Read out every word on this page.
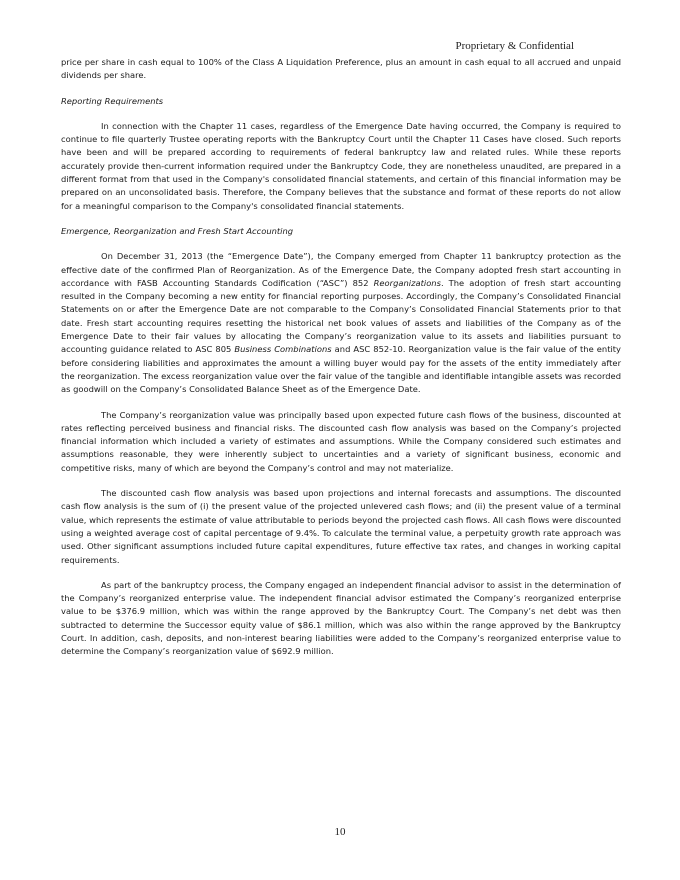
Proprietary & Confidential

price per share in cash equal to 100% of the Class A Liquidation Preference, plus an amount in cash equal to all accrued and unpaid dividends per share.

Reporting Requirements

In connection with the Chapter 11 cases, regardless of the Emergence Date having occurred, the Company is required to continue to file quarterly Trustee operating reports with the Bankruptcy Court until the Chapter 11 Cases have closed. Such reports have been and will be prepared according to requirements of federal bankruptcy law and related rules. While these reports accurately provide then-current information required under the Bankruptcy Code, they are nonetheless unaudited, are prepared in a different format from that used in the Company's consolidated financial statements, and certain of this financial information may be prepared on an unconsolidated basis. Therefore, the Company believes that the substance and format of these reports do not allow for a meaningful comparison to the Company's consolidated financial statements.

Emergence, Reorganization and Fresh Start Accounting

On December 31, 2013 (the “Emergence Date”), the Company emerged from Chapter 11 bankruptcy protection as the effective date of the confirmed Plan of Reorganization. As of the Emergence Date, the Company adopted fresh start accounting in accordance with FASB Accounting Standards Codification (“ASC”) 852 Reorganizations. The adoption of fresh start accounting resulted in the Company becoming a new entity for financial reporting purposes. Accordingly, the Company’s Consolidated Financial Statements on or after the Emergence Date are not comparable to the Company’s Consolidated Financial Statements prior to that date. Fresh start accounting requires resetting the historical net book values of assets and liabilities of the Company as of the Emergence Date to their fair values by allocating the Company’s reorganization value to its assets and liabilities pursuant to accounting guidance related to ASC 805 Business Combinations and ASC 852-10. Reorganization value is the fair value of the entity before considering liabilities and approximates the amount a willing buyer would pay for the assets of the entity immediately after the reorganization. The excess reorganization value over the fair value of the tangible and identifiable intangible assets was recorded as goodwill on the Company’s Consolidated Balance Sheet as of the Emergence Date.

The Company’s reorganization value was principally based upon expected future cash flows of the business, discounted at rates reflecting perceived business and financial risks. The discounted cash flow analysis was based on the Company’s projected financial information which included a variety of estimates and assumptions. While the Company considered such estimates and assumptions reasonable, they were inherently subject to uncertainties and a variety of significant business, economic and competitive risks, many of which are beyond the Company’s control and may not materialize.

The discounted cash flow analysis was based upon projections and internal forecasts and assumptions. The discounted cash flow analysis is the sum of (i) the present value of the projected unlevered cash flows; and (ii) the present value of a terminal value, which represents the estimate of value attributable to periods beyond the projected cash flows. All cash flows were discounted using a weighted average cost of capital percentage of 9.4%. To calculate the terminal value, a perpetuity growth rate approach was used. Other significant assumptions included future capital expenditures, future effective tax rates, and changes in working capital requirements.

As part of the bankruptcy process, the Company engaged an independent financial advisor to assist in the determination of the Company’s reorganized enterprise value. The independent financial advisor estimated the Company’s reorganized enterprise value to be $376.9 million, which was within the range approved by the Bankruptcy Court. The Company’s net debt was then subtracted to determine the Successor equity value of $86.1 million, which was also within the range approved by the Bankruptcy Court. In addition, cash, deposits, and non-interest bearing liabilities were added to the Company’s reorganized enterprise value to determine the Company’s reorganization value of $692.9 million.

10
